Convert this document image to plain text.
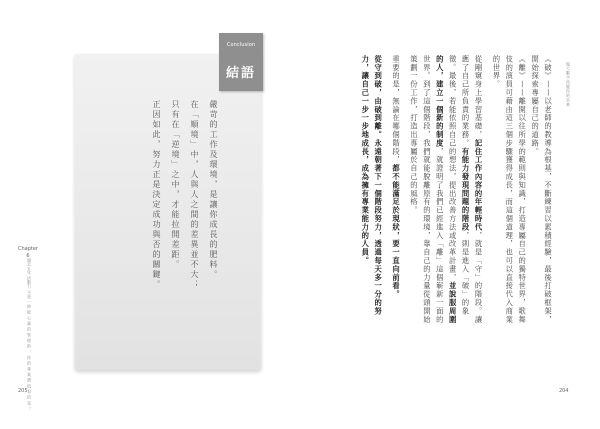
Chapter
6
過去五年 活動力 不是 一時 能 心 量 的 管 理 術 ， 你 的 專 業 價 值 看 的 見 ！

嚴苛的工作及環境，是讓你成長的肥料。

在「順境」中，人與人之間的差異並不大；

只有在「逆境」之中，才能拉開差距。

正因如此，努力正是決定成功與否的關鍵。

Conclusion
結語
205
做大數字改變你的未來

《破》——以老師的教導為根基，不斷練習以累積經驗，最後打破框架，開始探索專屬自己的道路。

《離》——離開以往所學的範則與知識，打造專屬自己的獨特世界，歌舞伎的演員可藉由這三個步驟獲得成長，而這個道理，也可以直接代入商業的世界。

從剛窺身上學習基礎，記住工作內容的年輕時代，就是「守」的階段。讓應了自己所負責的業務，有能力發現問題的階段，則是進入「破」的象徵。最後，若能依照自己的想法，提出改善方法或改革計畫，並說服周圍的人，建立一個新的制度，就證明了我們已經進入「離」這個嶄新一面的世界。到了這個階段，我們就能脫離原有的環境，靠自己的力量從頭開始策劃一份工作，打造出專屬於自己的風格。

重要的是，無論在哪個階段，都不能滿足於現狀，要一直向前看。

從守到破，由破到離。永遠朝著下一個階段努力，透過每天多一分的努力，讓自己一步一步地成長，成為擁有專業能力的人員。

204
